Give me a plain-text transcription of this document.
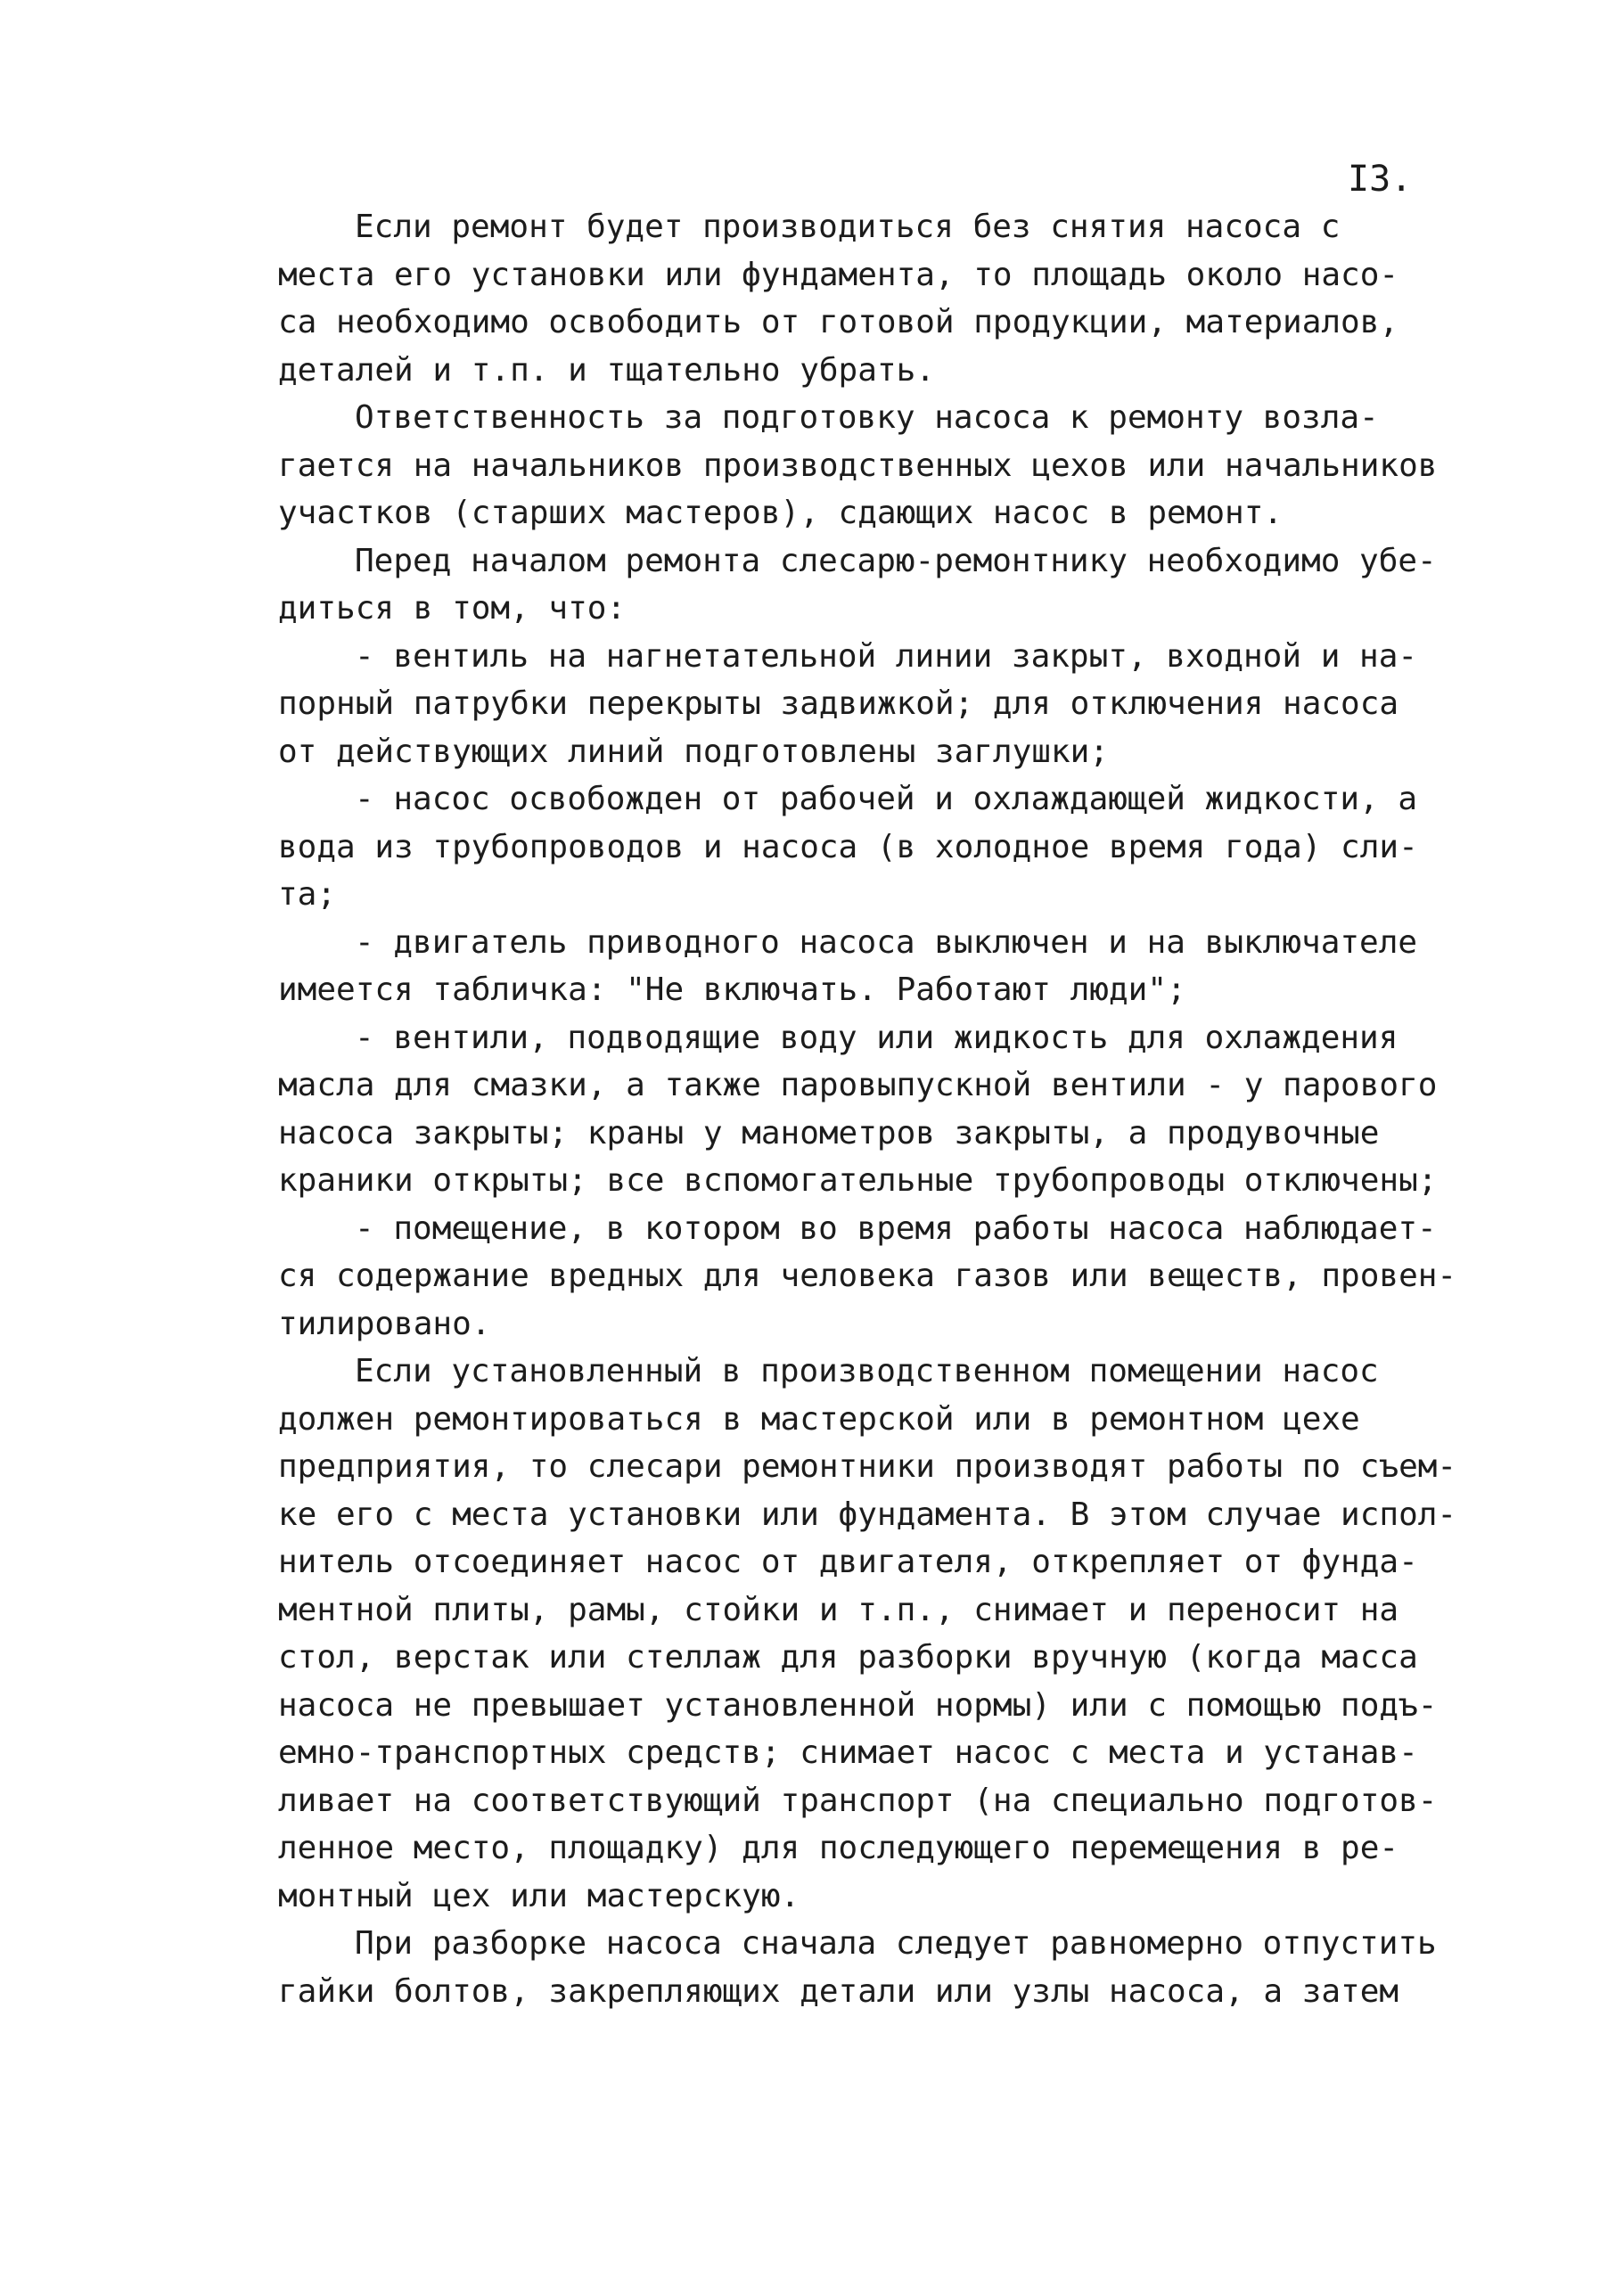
I3.
Если ремонт будет производиться без снятия насоса с
места его установки или фундамента, то площадь около насо-
са необходимо освободить от готовой продукции, материалов,
деталей и т.п. и тщательно убрать.
Ответственность за подготовку насоса к ремонту возла-
гается на начальников производственных цехов или начальников
участков (старших мастеров), сдающих насос в ремонт.
Перед началом ремонта слесарю-ремонтнику необходимо убе-
диться в том, что:
- вентиль на нагнетательной линии закрыт, входной и на-
порный патрубки перекрыты задвижкой; для отключения насоса
от действующих линий подготовлены заглушки;
- насос освобожден от рабочей и охлаждающей жидкости, а
вода из трубопроводов и насоса (в холодное время года) сли-
та;
- двигатель приводного насоса выключен и на выключателе
имеется табличка: "Не включать. Работают люди";
- вентили, подводящие воду или жидкость для охлаждения
масла для смазки, а также паровыпускной вентили - у парового
насоса закрыты; краны у манометров закрыты, а продувочные
краники открыты; все вспомогательные трубопроводы отключены;
- помещение, в котором во время работы насоса наблюдает-
ся содержание вредных для человека газов или веществ, провен-
тилировано.
Если установленный в производственном помещении насос
должен ремонтироваться в мастерской или в ремонтном цехе
предприятия, то слесари ремонтники производят работы по съем-
ке его с места установки или фундамента. В этом случае испол-
нитель отсоединяет насос от двигателя, открепляет от фунда-
ментной плиты, рамы, стойки и т.п., снимает и переносит на
стол, верстак или стеллаж для разборки вручную (когда масса
насоса не превышает установленной нормы) или с помощью подъ-
емно-транспортных средств; снимает насос с места и устанав-
ливает на соответствующий транспорт (на специально подготов-
ленное место, площадку) для последующего перемещения в ре-
монтный цех или мастерскую.
При разборке насоса сначала следует равномерно отпустить
гайки болтов, закрепляющих детали или узлы насоса, а затем
